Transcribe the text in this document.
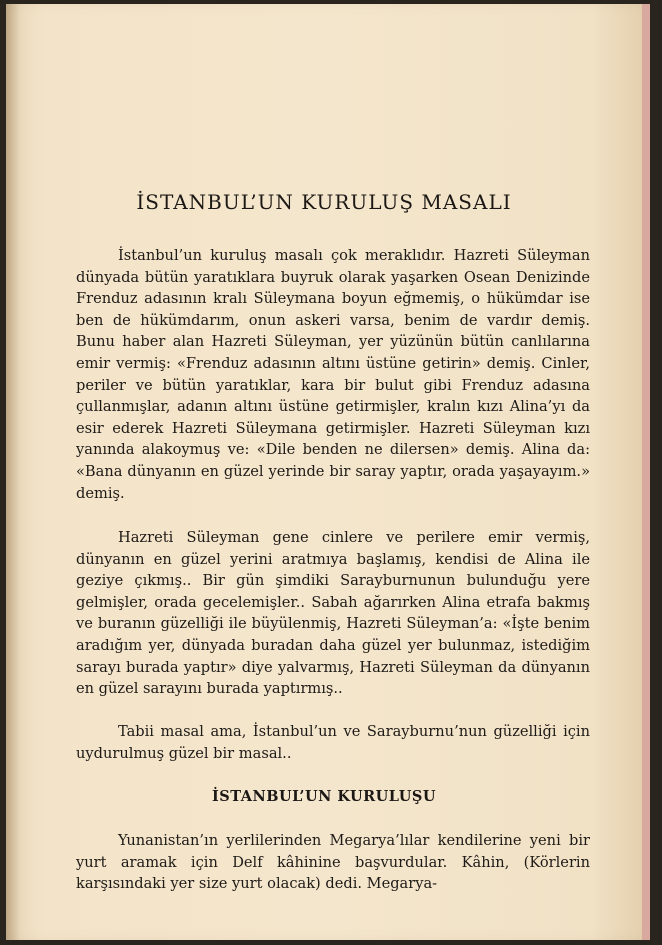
İSTANBUL’UN KURULUŞ MASALI

İstanbul’un kuruluş masalı çok meraklıdır. Hazreti Süleyman dünyada bütün yaratıklara buyruk olarak yaşarken Osean Denizinde Frenduz adasının kralı Süleymana boyun eğmemiş, o hükümdar ise ben de hükümdarım, onun askeri varsa, benim de vardır demiş. Bunu haber alan Hazreti Süleyman, yer yüzünün bütün canlılarına emir vermiş: «Frenduz adasının altını üstüne getirin» demiş. Cinler, periler ve bütün yaratıklar, kara bir bulut gibi Frenduz adasına çullanmışlar, adanın altını üstüne getirmişler, kralın kızı Alina’yı da esir ederek Hazreti Süleymana getirmişler. Hazreti Süleyman kızı yanında alakoymuş ve: «Dile benden ne dilersen» demiş. Alina da: «Bana dünyanın en güzel yerinde bir saray yaptır, orada yaşayayım.» demiş.

Hazreti Süleyman gene cinlere ve perilere emir vermiş, dünyanın en güzel yerini aratmıya başlamış, kendisi de Alina ile geziye çıkmış.. Bir gün şimdiki Sarayburnunun bulunduğu yere gelmişler, orada gecelemişler.. Sabah ağarırken Alina etrafa bakmış ve buranın güzelliği ile büyülenmiş, Hazreti Süleyman’a: «İşte benim aradığım yer, dünyada buradan daha güzel yer bulunmaz, istediğim sarayı burada yaptır» diye yalvarmış, Hazreti Süleyman da dünyanın en güzel sarayını burada yaptırmış..

Tabii masal ama, İstanbul’un ve Sarayburnu’nun güzelliği için uydurulmuş güzel bir masal..

İSTANBUL’UN KURULUŞU

Yunanistan’ın yerlilerinden Megarya’lılar kendilerine yeni bir yurt aramak için Delf kâhinine başvurdular. Kâhin, (Körlerin karşısındaki yer size yurt olacak) dedi. Megarya-
